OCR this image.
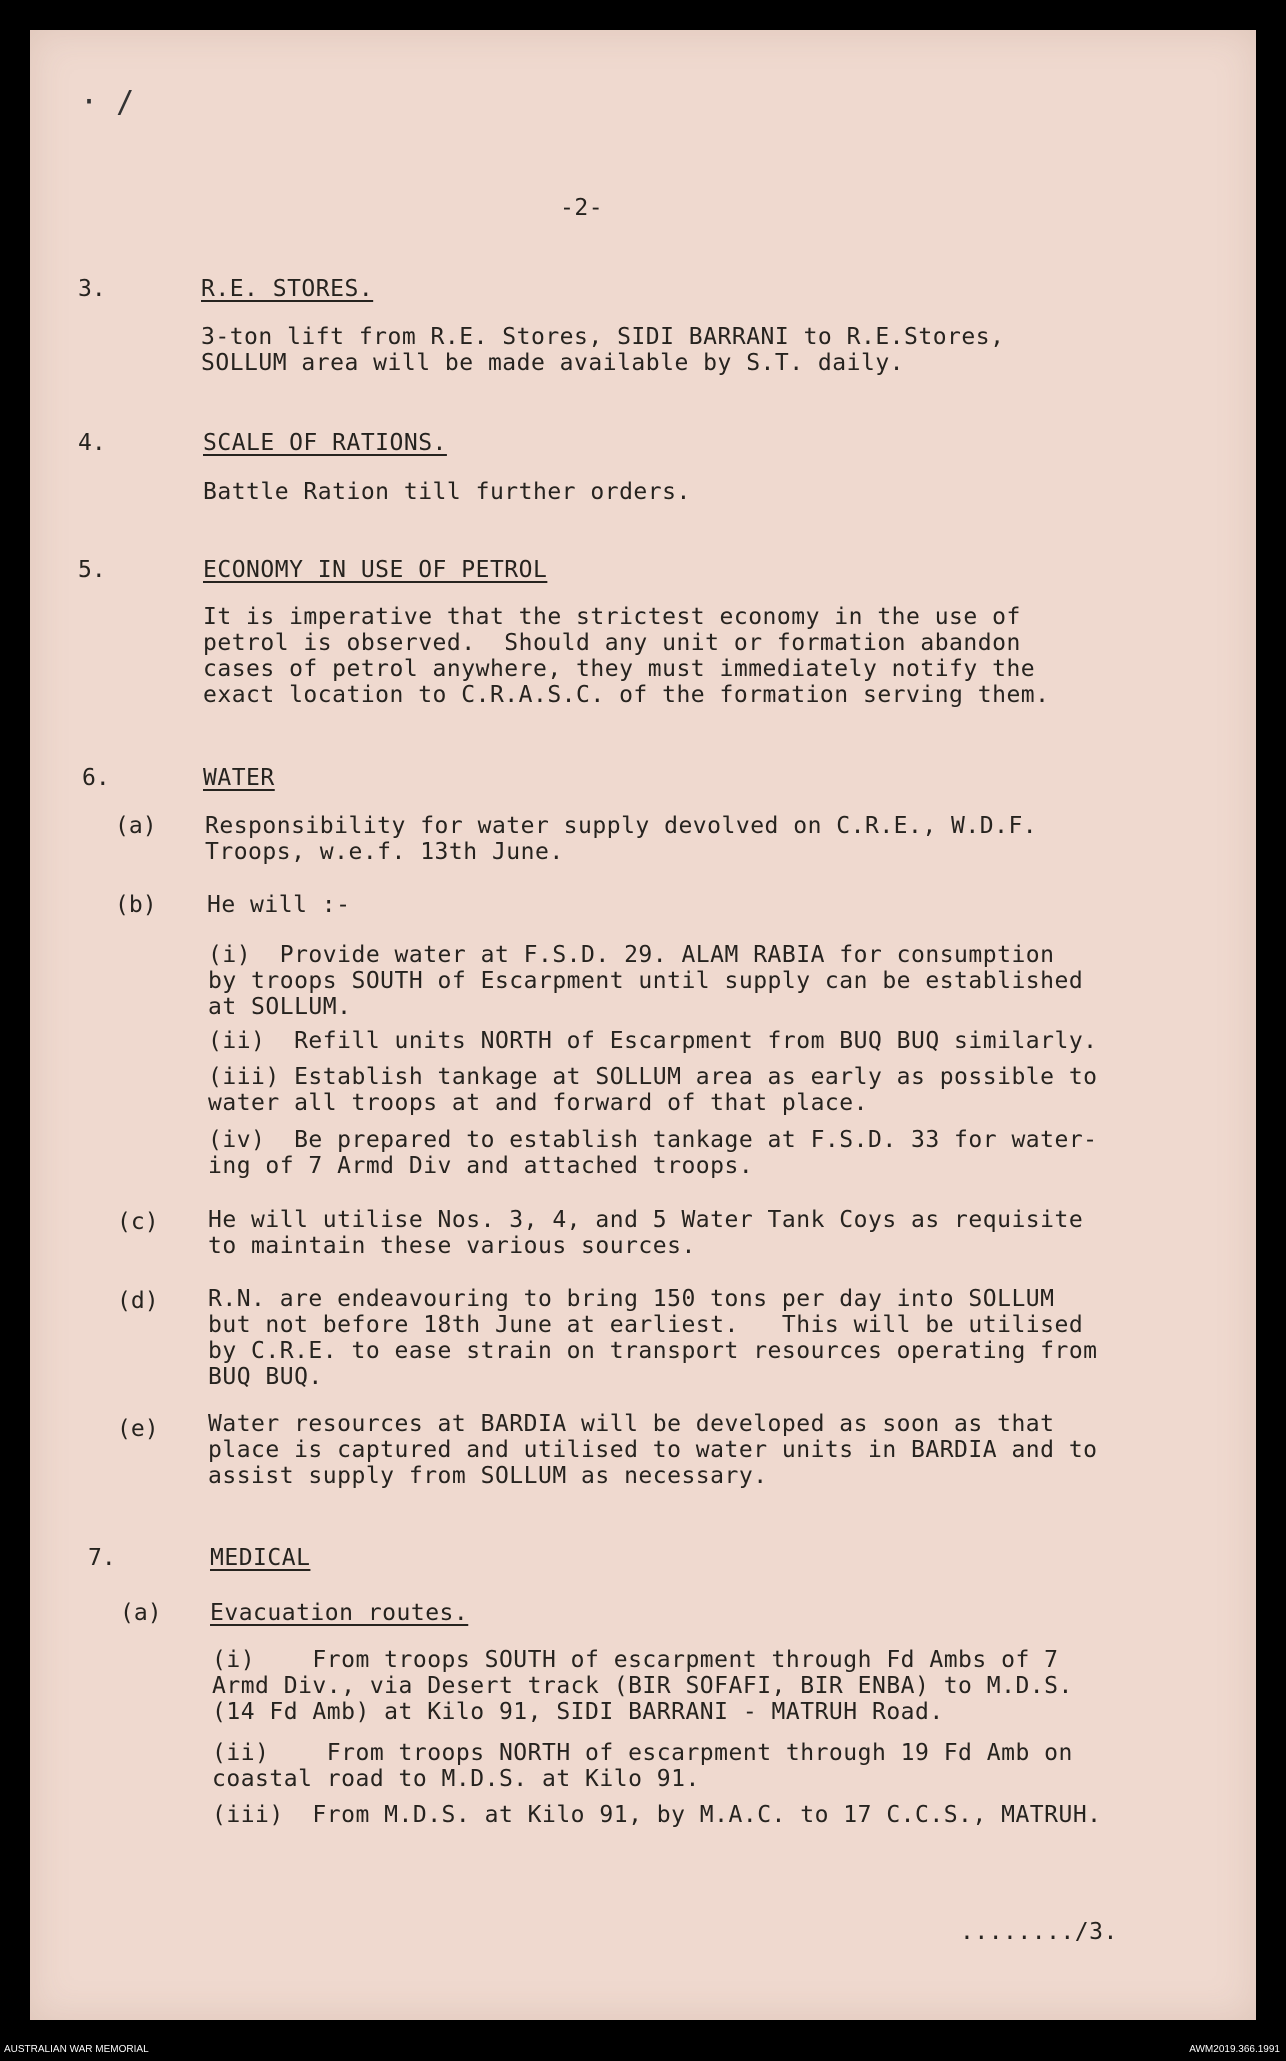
· /
-2-
3.	R.E. STORES.
3-ton lift from R.E. Stores, SIDI BARRANI to R.E.Stores,
SOLLUM area will be made available by S.T. daily.
4.	SCALE OF RATIONS.
Battle Ration till further orders.
5.	ECONOMY IN USE OF PETROL
It is imperative that the strictest economy in the use of
petrol is observed.  Should any unit or formation abandon
cases of petrol anywhere, they must immediately notify the
exact location to C.R.A.S.C. of the formation serving them.
6.	WATER
(a) Responsibility for water supply devolved on C.R.E., W.D.F.
Troops, w.e.f. 13th June.
(b) He will :-
(i)  Provide water at F.S.D. 29. ALAM RABIA for consumption
by troops SOUTH of Escarpment until supply can be established
at SOLLUM.
(ii)  Refill units NORTH of Escarpment from BUQ BUQ similarly.
(iii) Establish tankage at SOLLUM area as early as possible to
water all troops at and forward of that place.
(iv)  Be prepared to establish tankage at F.S.D. 33 for water-
ing of 7 Armd Div and attached troops.
(c) He will utilise Nos. 3, 4, and 5 Water Tank Coys as requisite
to maintain these various sources.
(d) R.N. are endeavouring to bring 150 tons per day into SOLLUM
but not before 18th June at earliest.   This will be utilised
by C.R.E. to ease strain on transport resources operating from
BUQ BUQ.
(e) Water resources at BARDIA will be developed as soon as that
place is captured and utilised to water units in BARDIA and to
assist supply from SOLLUM as necessary.
7.	MEDICAL
(a) Evacuation routes.
(i)    From troops SOUTH of escarpment through Fd Ambs of 7
Armd Div., via Desert track (BIR SOFAFI, BIR ENBA) to M.D.S.
(14 Fd Amb) at Kilo 91, SIDI BARRANI - MATRUH Road.
(ii)    From troops NORTH of escarpment through 19 Fd Amb on
coastal road to M.D.S. at Kilo 91.
(iii)  From M.D.S. at Kilo 91, by M.A.C. to 17 C.C.S., MATRUH.
......../3.
AUSTRALIAN WAR MEMORIAL	AWM2019.366.1991
